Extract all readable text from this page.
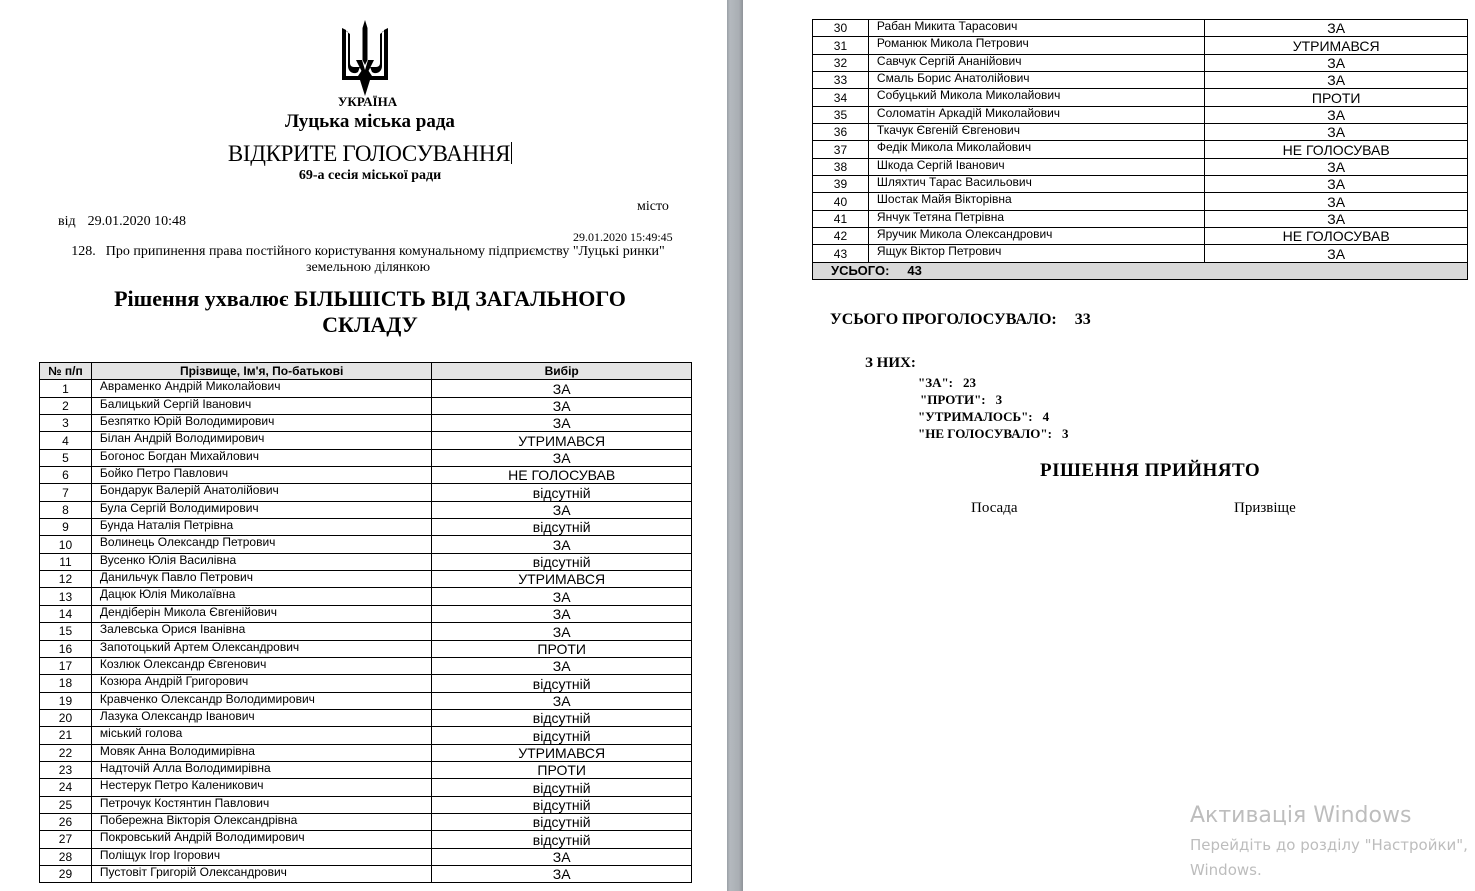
УКРАЇНА
Луцька міська рада
ВІДКРИТЕ ГОЛОСУВАННЯ
69-а сесія міської ради
місто
від 29.01.2020 10:48
29.01.2020 15:49:45
128. Про припинення права постійного користування комунальному підприємству "Луцькі ринки" земельною ділянкою
Рішення ухвалює БІЛЬШІСТЬ ВІД ЗАГАЛЬНОГО СКЛАДУ
№ п/п	Прізвище, Ім'я, По-батькові	Вибір
1	Авраменко Андрій Миколайович	ЗА
2	Балицький Сергій Іванович	ЗА
3	Безпятко Юрій Володимирович	ЗА
4	Білан Андрій Володимирович	УТРИМАВСЯ
5	Богонос Богдан Михайлович	ЗА
6	Бойко Петро Павлович	НЕ ГОЛОСУВАВ
7	Бондарук Валерій Анатолійович	відсутній
8	Була Сергій Володимирович	ЗА
9	Бунда Наталія Петрівна	відсутній
10	Волинець Олександр Петрович	ЗА
11	Вусенко Юлія Василівна	відсутній
12	Данильчук Павло Петрович	УТРИМАВСЯ
13	Дацюк Юлія Миколаївна	ЗА
14	Дендіберін Микола Євгенійович	ЗА
15	Залевська Орися Іванівна	ЗА
16	Запотоцький Артем Олександрович	ПРОТИ
17	Козлюк Олександр Євгенович	ЗА
18	Козюра Андрій Григорович	відсутній
19	Кравченко Олександр Володимирович	ЗА
20	Лазука Олександр Іванович	відсутній
21	міський голова	відсутній
22	Мовяк Анна Володимирівна	УТРИМАВСЯ
23	Надточій Алла Володимирівна	ПРОТИ
24	Нестерук Петро Каленикович	відсутній
25	Петрочук Костянтин Павлович	відсутній
26	Побережна Вікторія Олександрівна	відсутній
27	Покровський Андрій Володимирович	відсутній
28	Поліщук Ігор Ігорович	ЗА
29	Пустовіт Григорій Олександрович	ЗА
30	Рабан Микита Тарасович	ЗА
31	Романюк Микола Петрович	УТРИМАВСЯ
32	Савчук Сергій Ананійович	ЗА
33	Смаль Борис Анатолійович	ЗА
34	Собуцький Микола Миколайович	ПРОТИ
35	Соломатін Аркадій Миколайович	ЗА
36	Ткачук Євгеній Євгенович	ЗА
37	Федік Микола Миколайович	НЕ ГОЛОСУВАВ
38	Шкода Сергій Іванович	ЗА
39	Шляхтич Тарас Васильович	ЗА
40	Шостак Майя Вікторівна	ЗА
41	Янчук Тетяна Петрівна	ЗА
42	Яручик Микола Олександрович	НЕ ГОЛОСУВАВ
43	Ящук Віктор Петрович	ЗА
УСЬОГО: 43		
УСЬОГО ПРОГОЛОСУВАЛО: 33
З НИХ:
"ЗА": 23
"ПРОТИ": 3
"УТРИМАЛОСЬ": 4
"НЕ ГОЛОСУВАЛО": 3
РІШЕННЯ ПРИЙНЯТО
Посада	Призвіще
Активація Windows
Перейдіть до розділу "Настройки",
Windows.
